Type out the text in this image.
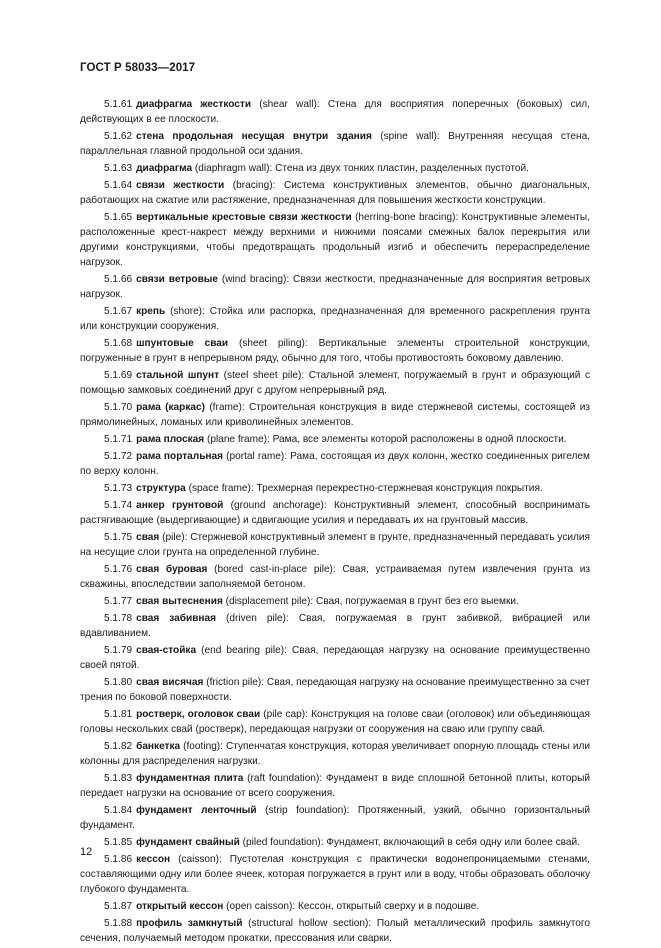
ГОСТ Р 58033—2017

5.1.61 диафрагма жесткости (shear wall): Стена для восприятия поперечных (боковых) сил, действующих в ее плоскости.

5.1.62 стена продольная несущая внутри здания (spine wall): Внутренняя несущая стена, параллельная главной продольной оси здания.

5.1.63 диафрагма (diaphragm wall): Стена из двух тонких пластин, разделенных пустотой.

5.1.64 связи жесткости (bracing): Система конструктивных элементов, обычно диагональных, работающих на сжатие или растяжение, предназначенная для повышения жесткости конструкции.

5.1.65 вертикальные крестовые связи жесткости (herring-bone bracing): Конструктивные элементы, расположенные крест-накрест между верхними и нижними поясами смежных балок перекрытия или другими конструкциями, чтобы предотвращать продольный изгиб и обеспечить перераспределение нагрузок.

5.1.66 связи ветровые (wind bracing): Связи жесткости, предназначенные для восприятия ветровых нагрузок.

5.1.67 крепь (shore): Стойка или распорка, предназначенная для временного раскрепления грунта или конструкции сооружения.

5.1.68 шпунтовые сваи (sheet piling): Вертикальные элементы строительной конструкции, погруженные в грунт в непрерывном ряду, обычно для того, чтобы противостоять боковому давлению.

5.1.69 стальной шпунт (steel sheet pile): Стальной элемент, погружаемый в грунт и образующий с помощью замковых соединений друг с другом непрерывный ряд.

5.1.70 рама (каркас) (frame): Строительная конструкция в виде стержневой системы, состоящей из прямолинейных, ломаных или криволинейных элементов.

5.1.71 рама плоская (plane frame): Рама, все элементы которой расположены в одной плоскости.

5.1.72 рама портальная (portal rame): Рама, состоящая из двух колонн, жестко соединенных ригелем по верху колонн.

5.1.73 структура (space frame): Трехмерная перекрестно-стержневая конструкция покрытия.

5.1.74 анкер грунтовой (ground anchorage): Конструктивный элемент, способный воспринимать растягивающие (выдергивающие) и сдвигающие усилия и передавать их на грунтовый массив.

5.1.75 свая (pile): Стержневой конструктивный элемент в грунте, предназначенный передавать усилия на несущие слои грунта на определенной глубине.

5.1.76 свая буровая (bored cast-in-place pile): Свая, устраиваемая путем извлечения грунта из скважины, впоследствии заполняемой бетоном.

5.1.77 свая вытеснения (displacement pile): Свая, погружаемая в грунт без его выемки.

5.1.78 свая забивная (driven pile): Свая, погружаемая в грунт забивкой, вибрацией или вдавливанием.

5.1.79 свая-стойка (end bearing pile): Свая, передающая нагрузку на основание преимущественно своей пятой.

5.1.80 свая висячая (friction pile): Свая, передающая нагрузку на основание преимущественно за счет трения по боковой поверхности.

5.1.81 ростверк, оголовок сваи (pile cap): Конструкция на голове сваи (оголовок) или объединяющая головы нескольких свай (ростверк), передающая нагрузки от сооружения на сваю или группу свай.

5.1.82 банкетка (footing): Ступенчатая конструкция, которая увеличивает опорную площадь стены или колонны для распределения нагрузки.

5.1.83 фундаментная плита (raft foundation): Фундамент в виде сплошной бетонной плиты, который передает нагрузки на основание от всего сооружения.

5.1.84 фундамент ленточный (strip foundation): Протяженный, узкий, обычно горизонтальный фундамент.

5.1.85 фундамент свайный (piled foundation): Фундамент, включающий в себя одну или более свай.

5.1.86 кессон (caisson): Пустотелая конструкция с практически водонепроницаемыми стенами, составляющими одну или более ячеек, которая погружается в грунт или в воду, чтобы образовать оболочку глубокого фундамента.

5.1.87 открытый кессон (open caisson): Кессон, открытый сверху и в подошве.

5.1.88 профиль замкнутый (structural hollow section): Полый металлический профиль замкнутого сечения, получаемый методом прокатки, прессования или сварки.

12
